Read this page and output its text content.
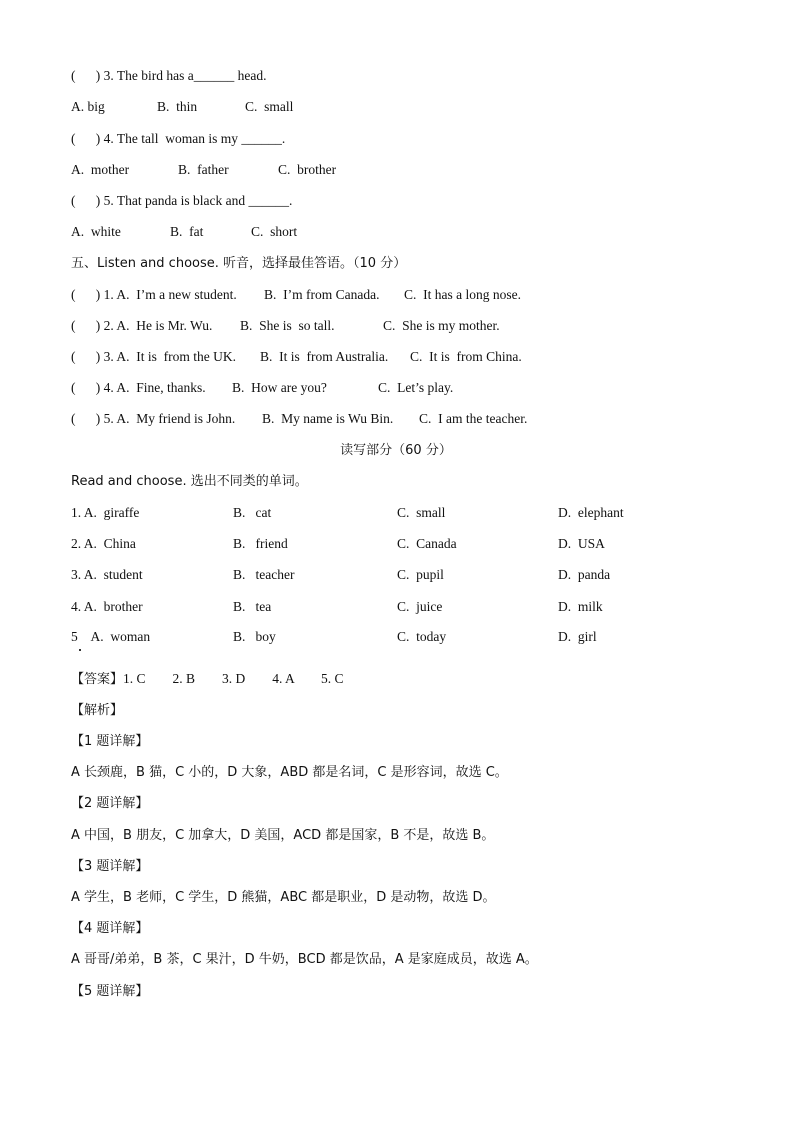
(      ) 3. The bird has a______ head.
A. big	B.  thin	C.  small
(      ) 4. The tall  woman is my ______.
A.  mother	B.  father	C.  brother
(      ) 5. That panda is black and ______.
A.  white	B.  fat	C.  short
五、Listen and choose. 听音，选择最佳答语。（10 分）
(      ) 1. A.  I’m a new student. B.  I’m from Canada. C.  It has a long nose.
(      ) 2. A.  He is Mr. Wu. B.  She is  so tall.	C.  She is my mother.
(      ) 3. A.  It is  from the UK. B.  It is  from Australia. C.  It is  from China.
(      ) 4. A.  Fine, thanks. B.  How are you?	C.  Let’s play.
(      ) 5. A.  My friend is John. B.  My name is Wu Bin. C.  I am the teacher.
读写部分（60 分）
Read and choose. 选出不同类的单词。
1. A.  giraffe	B.   cat	C.  small	D.  elephant
2. A.  China	B.   friend	C.  Canada	D.  USA
3. A.  student	B.   teacher	C.  pupil	D.  panda
4. A.  brother	B.   tea	C.  juice	D.  milk
5    A.  woman	B.   boy	C.  today	D.  girl
【答案】1. C        2. B        3. D        4. A        5. C
【解析】
【1 题详解】
A 长颈鹿，B 猫，C 小的，D 大象，ABD 都是名词，C 是形容词，故选 C。
【2 题详解】
A 中国，B 朋友，C 加拿大，D 美国，ACD 都是国家，B 不是，故选 B。
【3 题详解】
A 学生，B 老师，C 学生，D 熊猫，ABC 都是职业，D 是动物，故选 D。
【4 题详解】
A 哥哥/弟弟，B 茶，C 果汁，D 牛奶，BCD 都是饮品，A 是家庭成员，故选 A。
【5 题详解】
